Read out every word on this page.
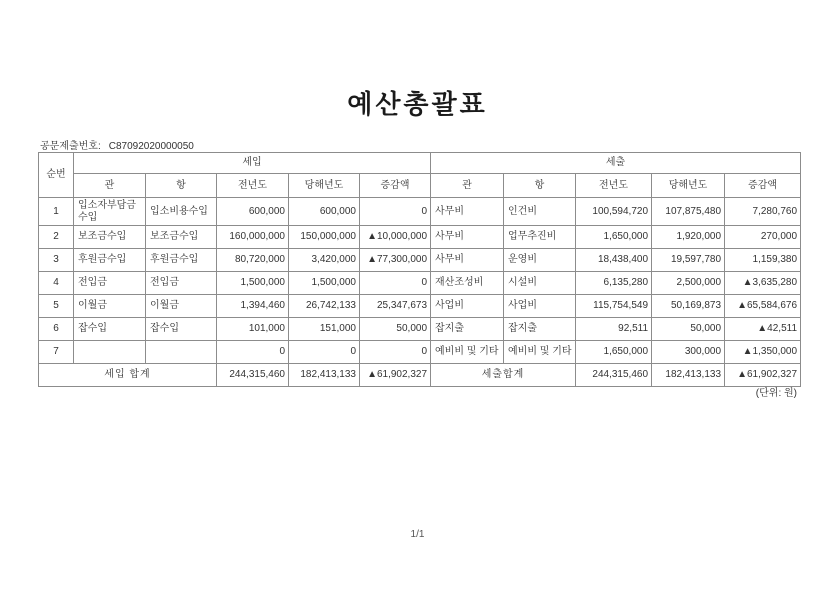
예산총괄표
공문제출번호: C87092020000050
순번	세입					세출				
	관	항	전년도	당해년도	증감액	관	항	전년도	당해년도	증감액
1	입소자부담금수입	입소비용수입	600,000	600,000	0	사무비	인건비	100,594,720	107,875,480	7,280,760
2	보조금수입	보조금수입	160,000,000	150,000,000	▲10,000,000	사무비	업무추진비	1,650,000	1,920,000	270,000
3	후원금수입	후원금수입	80,720,000	3,420,000	▲77,300,000	사무비	운영비	18,438,400	19,597,780	1,159,380
4	전입금	전입금	1,500,000	1,500,000	0	재산조성비	시설비	6,135,280	2,500,000	▲3,635,280
5	이월금	이월금	1,394,460	26,742,133	25,347,673	사업비	사업비	115,754,549	50,169,873	▲65,584,676
6	잡수입	잡수입	101,000	151,000	50,000	잡지출	잡지출	92,511	50,000	▲42,511
7			0	0	0	예비비 및 기타	예비비 및 기타	1,650,000	300,000	▲1,350,000
세입 합계			244,315,460	182,413,133	▲61,902,327	세출합계		244,315,460	182,413,133	▲61,902,327
(단위: 원)
1/1
